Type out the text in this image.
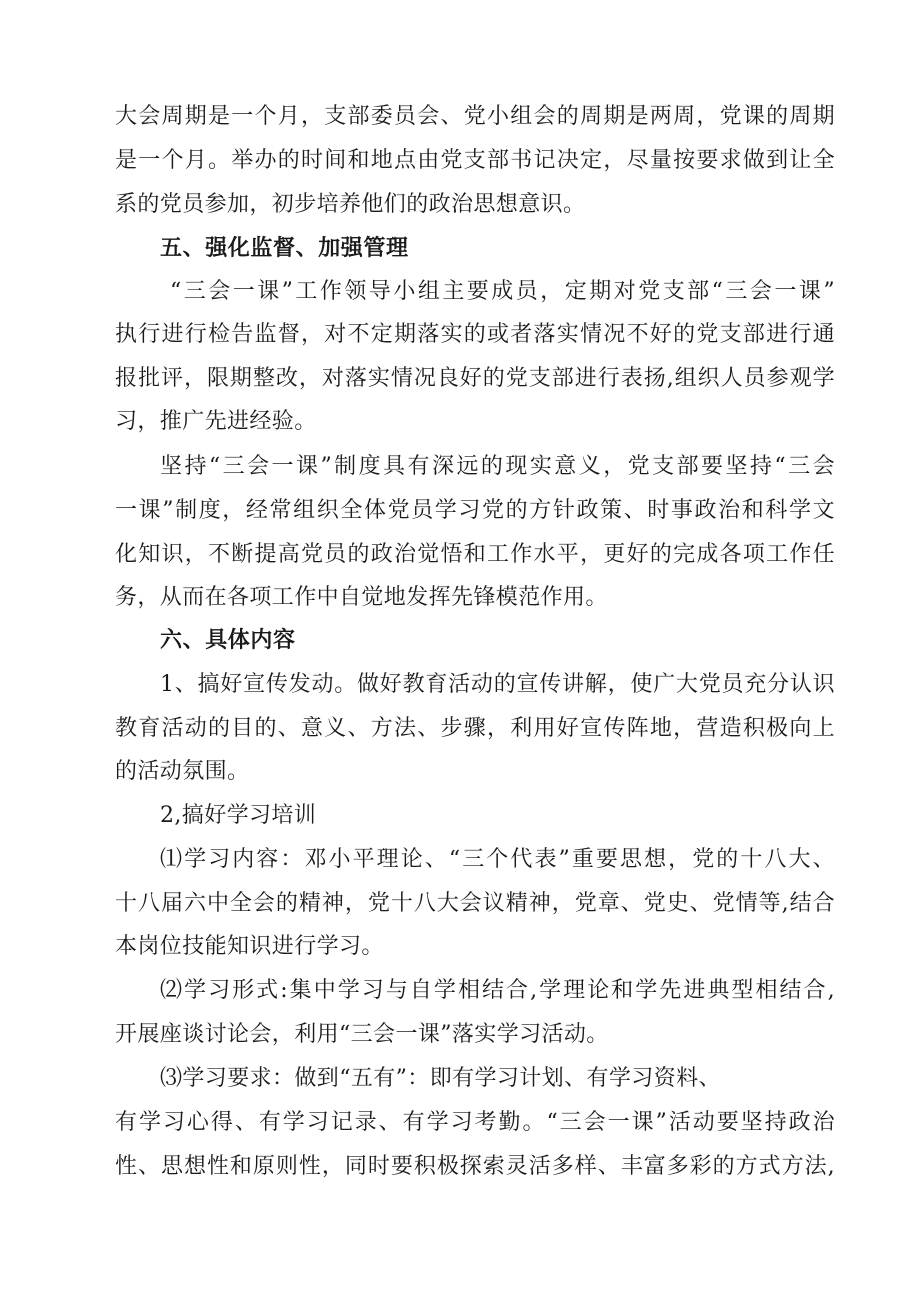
大会周期是一个月，支部委员会、党小组会的周期是两周，党课的周期
是一个月。举办的时间和地点由党支部书记决定，尽量按要求做到让全
系的党员参加，初步培养他们的政治思想意识。
五、强化监督、加强管理
“三会一课”工作领导小组主要成员，定期对党支部“三会一课”
执行进行检告监督，对不定期落实的或者落实情况不好的党支部进行通
报批评，限期整改，对落实情况良好的党支部进行表扬,组织人员参观学
习，推广先进经验。
坚持“三会一课”制度具有深远的现实意义，党支部要坚持“三会
一课”制度，经常组织全体党员学习党的方针政策、时事政治和科学文
化知识，不断提高党员的政治觉悟和工作水平，更好的完成各项工作任
务，从而在各项工作中自觉地发挥先锋模范作用。
六、具体内容
1、搞好宣传发动。做好教育活动的宣传讲解，使广大党员充分认识
教育活动的目的、意义、方法、步骤，利用好宣传阵地，营造积极向上
的活动氛围。
2,搞好学习培训
⑴学习内容：邓小平理论、“三个代表”重要思想，党的十八大、
十八届六中全会的精神，党十八大会议精神，党章、党史、党情等,结合
本岗位技能知识进行学习。
⑵学习形式:集中学习与自学相结合,学理论和学先进典型相结合,
开展座谈讨论会，利用“三会一课”落实学习活动。
⑶学习要求：做到“五有”：即有学习计划、有学习资料、
有学习心得、有学习记录、有学习考勤。“三会一课”活动要坚持政治
性、思想性和原则性，同时要积极探索灵活多样、丰富多彩的方式方法,
